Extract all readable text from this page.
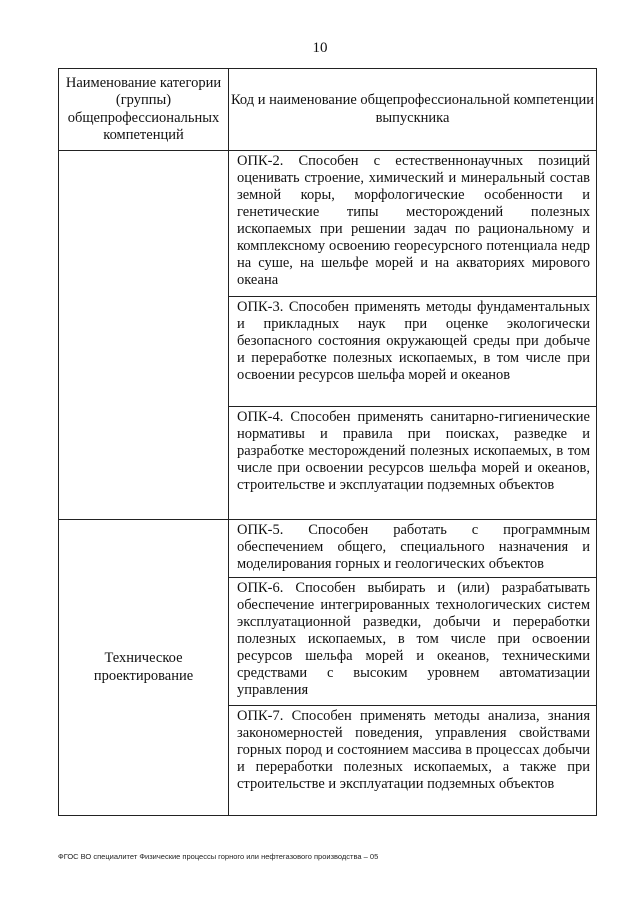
10
Наименование категории (группы) общепрофессиональных компетенций	Код и наименование общепрофессиональной компетенции выпускника
	ОПК-2. Способен с естественнонаучных позиций оценивать строение, химический и минеральный состав земной коры, морфологические особенности и генетические типы месторождений полезных ископаемых при решении задач по рациональному и комплексному освоению георесурсного потенциала недр на суше, на шельфе морей и на акваториях мирового океана
	ОПК-3. Способен применять методы фундаментальных и прикладных наук при оценке экологически безопасного состояния окружающей среды при добыче и переработке полезных ископаемых, в том числе при освоении ресурсов шельфа морей и океанов
	ОПК-4. Способен применять санитарно-гигиенические нормативы и правила при поисках, разведке и разработке месторождений полезных ископаемых, в том числе при освоении ресурсов шельфа морей и океанов, строительстве и эксплуатации подземных объектов
Техническое проектирование	ОПК-5. Способен работать с программным обеспечением общего, специального назначения и моделирования горных и геологических объектов
	ОПК-6. Способен выбирать и (или) разрабатывать обеспечение интегрированных технологических систем эксплуатационной разведки, добычи и переработки полезных ископаемых, в том числе при освоении ресурсов шельфа морей и океанов, техническими средствами с высоким уровнем автоматизации управления
	ОПК-7. Способен применять методы анализа, знания закономерностей поведения, управления свойствами горных пород и состоянием массива в процессах добычи и переработки полезных ископаемых, а также при строительстве и эксплуатации подземных объектов
ФГОС ВО специалитет Физические процессы горного или нефтегазового производства – 05
